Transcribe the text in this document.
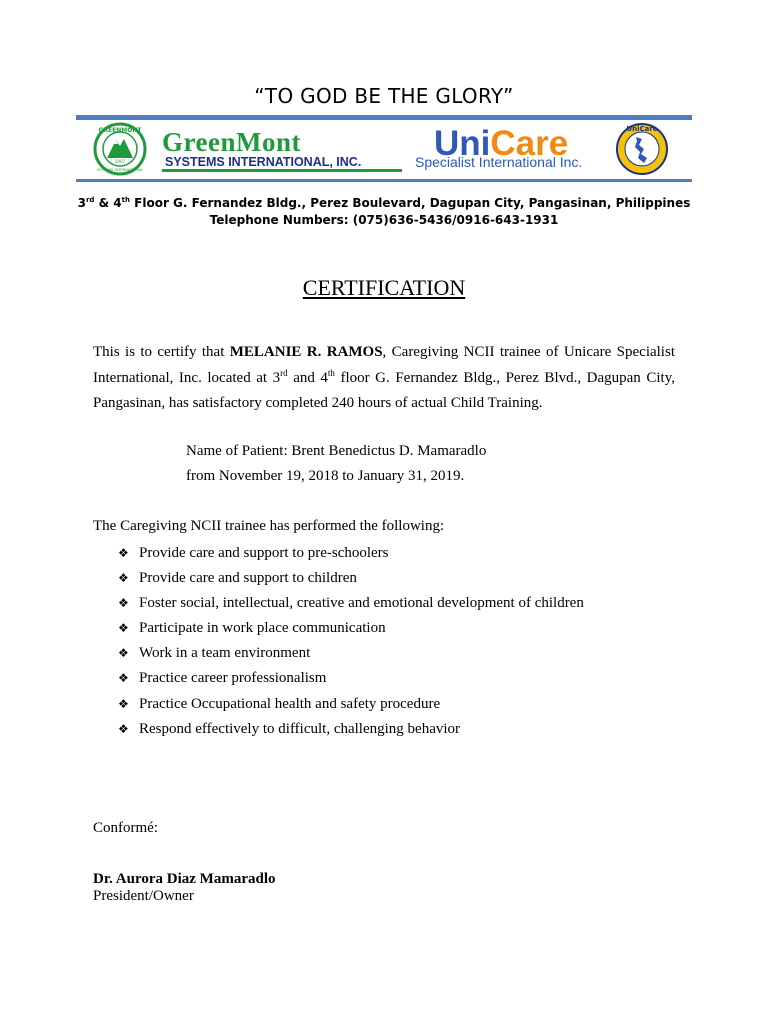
“TO GOD BE THE GLORY”
GREENMONT
2007
SYSTEMS INTERNATIONAL
GreenMont
SYSTEMS INTERNATIONAL, INC. UniCare
Specialist International Inc.
UniCare
3rd & 4th Floor G. Fernandez Bldg., Perez Boulevard, Dagupan City, Pangasinan, Philippines
Telephone Numbers: (075)636-5436/0916-643-1931
CERTIFICATION
This is to certify that MELANIE R. RAMOS, Caregiving NCII trainee of Unicare Specialist International, Inc. located at 3rd and 4th floor G. Fernandez Bldg., Perez Blvd., Dagupan City, Pangasinan, has satisfactory completed 240 hours of actual Child Training.
Name of Patient: Brent Benedictus D. Mamaradlo
from November 19, 2018 to January 31, 2019.
The Caregiving NCII trainee has performed the following:
❖ Provide care and support to pre-schoolers
❖ Provide care and support to children
❖ Foster social, intellectual, creative and emotional development of children
❖ Participate in work place communication
❖ Work in a team environment
❖ Practice career professionalism
❖ Practice Occupational health and safety procedure
❖ Respond effectively to difficult, challenging behavior
Conformé:
Dr. Aurora Diaz Mamaradlo
President/Owner
